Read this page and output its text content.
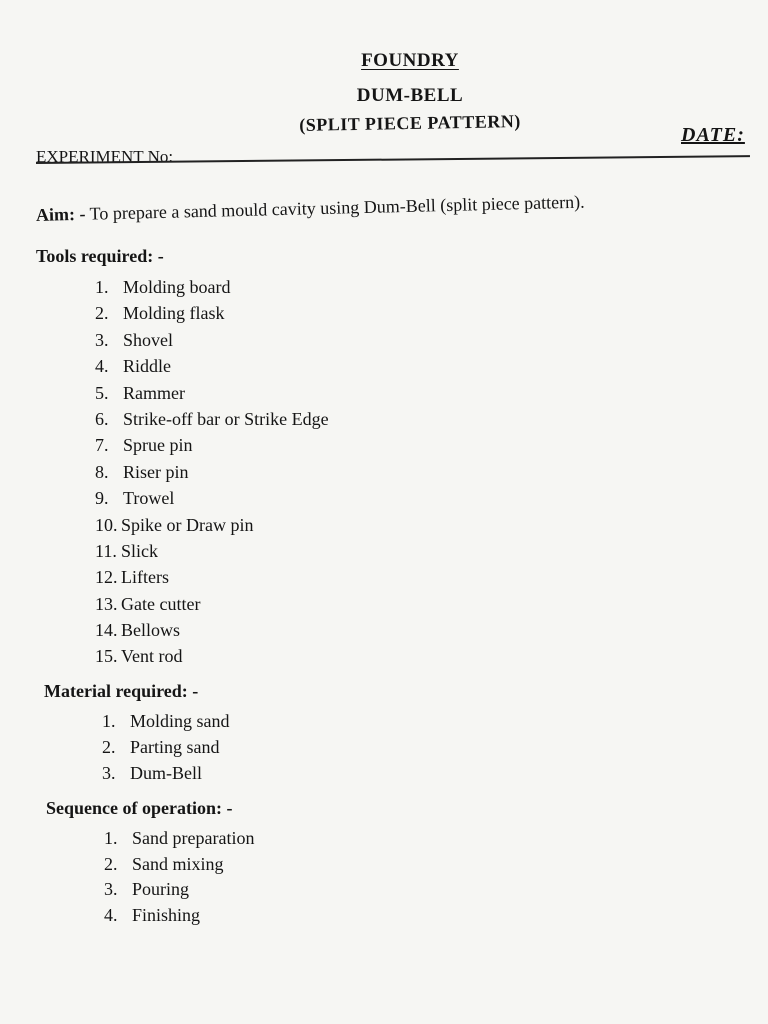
FOUNDRY
DUM-BELL
(SPLIT PIECE PATTERN)
DATE:
EXPERIMENT No:
Aim: - To prepare a sand mould cavity using Dum-Bell (split piece pattern).
Tools required: -
1. Molding board
2. Molding flask
3. Shovel
4. Riddle
5. Rammer
6. Strike-off bar or Strike Edge
7. Sprue pin
8. Riser pin
9. Trowel
10. Spike or Draw pin
11. Slick
12. Lifters
13. Gate cutter
14. Bellows
15. Vent rod
Material required: -
1. Molding sand
2. Parting sand
3. Dum-Bell
Sequence of operation: -
1. Sand preparation
2. Sand mixing
3. Pouring
4. Finishing
